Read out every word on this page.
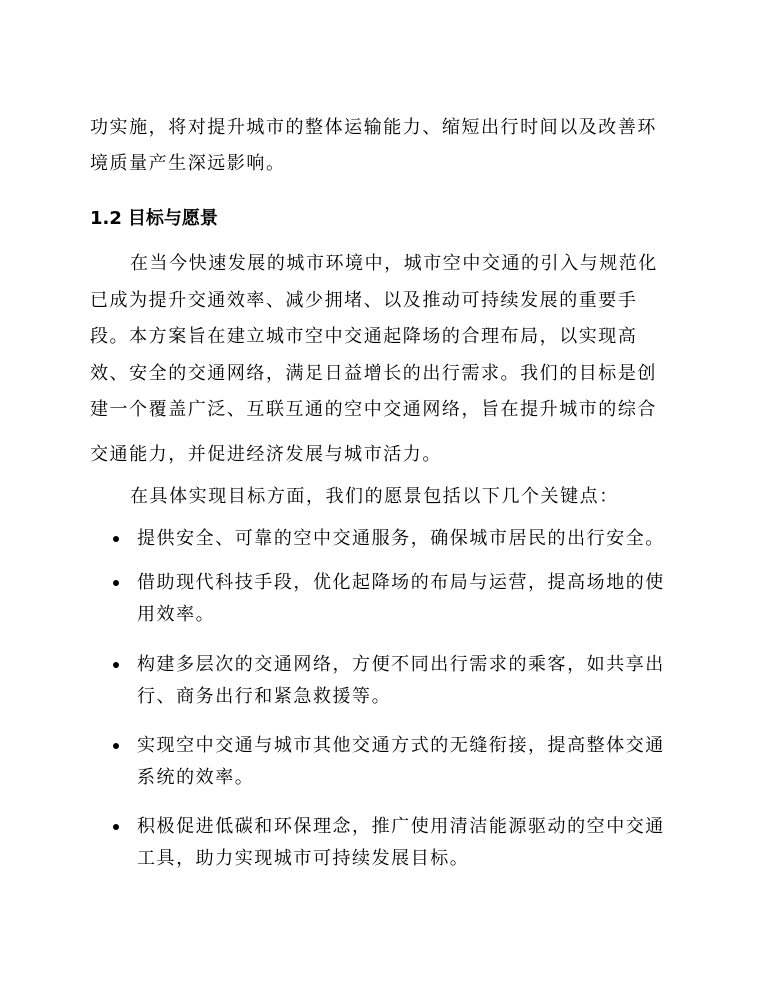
功实施，将对提升城市的整体运输能力、缩短出行时间以及改善环
境质量产生深远影响。
1.2 目标与愿景
在当今快速发展的城市环境中，城市空中交通的引入与规范化
已成为提升交通效率、减少拥堵、以及推动可持续发展的重要手
段。本方案旨在建立城市空中交通起降场的合理布局，以实现高
效、安全的交通网络，满足日益增长的出行需求。我们的目标是创
建一个覆盖广泛、互联互通的空中交通网络，旨在提升城市的综合
交通能力，并促进经济发展与城市活力。
在具体实现目标方面，我们的愿景包括以下几个关键点：
提供安全、可靠的空中交通服务，确保城市居民的出行安全。
借助现代科技手段，优化起降场的布局与运营，提高场地的使
用效率。
构建多层次的交通网络，方便不同出行需求的乘客，如共享出
行、商务出行和紧急救援等。
实现空中交通与城市其他交通方式的无缝衔接，提高整体交通
系统的效率。
积极促进低碳和环保理念，推广使用清洁能源驱动的空中交通
工具，助力实现城市可持续发展目标。
